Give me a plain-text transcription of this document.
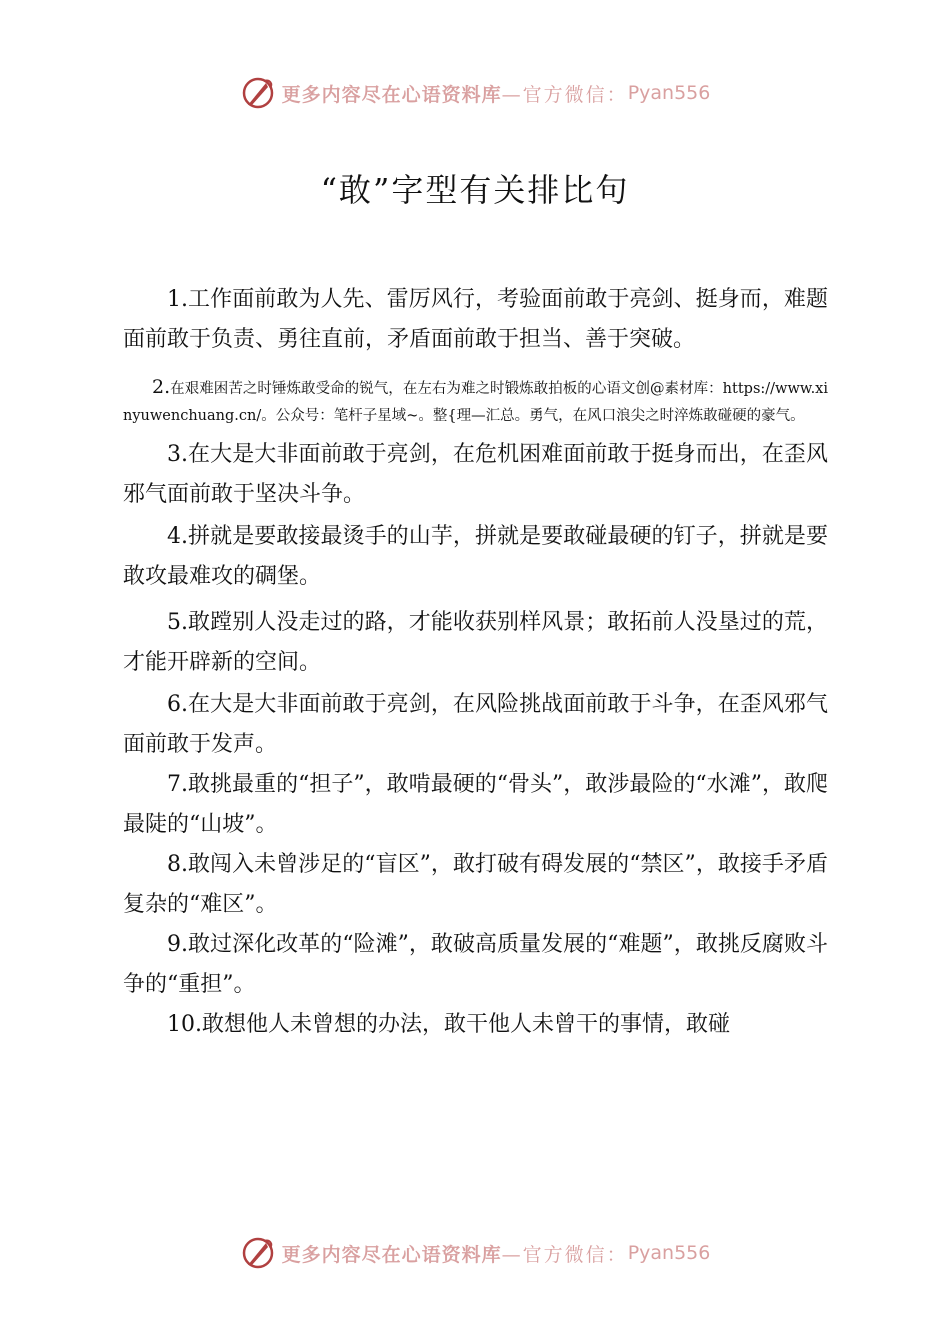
更多内容尽在心语资料库 —官方微信： Pyan556
“敢”字型有关排比句

1.工作面前敢为人先、雷厉风行，考验面前敢于亮剑、挺身而，难题面前敢于负责、勇往直前，矛盾面前敢于担当、善于突破。

2.在艰难困苦之时锤炼敢受命的锐气，在左右为难之时锻炼敢拍板的心语文创@素材库：https://www.xinyuwenchuang.cn/。公众号：笔杆子星域~。整{理—汇总。勇气，在风口浪尖之时淬炼敢碰硬的豪气。

3.在大是大非面前敢于亮剑，在危机困难面前敢于挺身而出，在歪风邪气面前敢于坚决斗争。

4.拼就是要敢接最烫手的山芋，拼就是要敢碰最硬的钉子，拼就是要敢攻最难攻的碉堡。

5.敢蹚别人没走过的路，才能收获别样风景；敢拓前人没垦过的荒，才能开辟新的空间。

6.在大是大非面前敢于亮剑，在风险挑战面前敢于斗争，在歪风邪气面前敢于发声。

7.敢挑最重的“担子”，敢啃最硬的“骨头”，敢涉最险的“水滩”，敢爬最陡的“山坡”。

8.敢闯入未曾涉足的“盲区”，敢打破有碍发展的“禁区”，敢接手矛盾复杂的“难区”。

9.敢过深化改革的“险滩”，敢破高质量发展的“难题”，敢挑反腐败斗争的“重担”。

10.敢想他人未曾想的办法，敢干他人未曾干的事情，敢碰

更多内容尽在心语资料库 —官方微信： Pyan556
